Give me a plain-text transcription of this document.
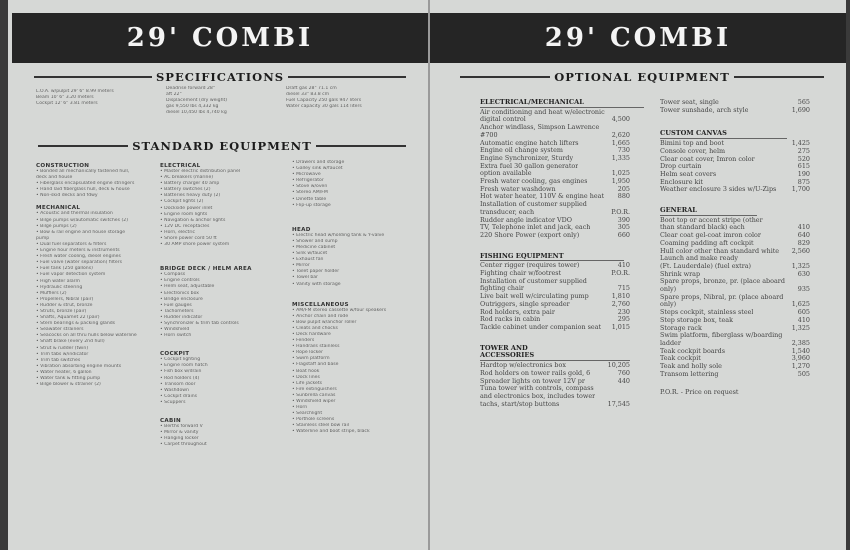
29' COMBI
SPECIFICATIONS
L.O.A. w/pulpit 29' 6" 8.99 meters
Beam 10' 6" 3.20 meters
Cockpit 12' 6" 3.81 meters
Deadrise forward 28°
aft 22°
Displacement (dry weight)
gas 9,550 lbs 4,332 kg
diesel 10,450 lbs 4,740 kg
Draft gas 28" 71.1 cm
diesel 33" 83.8 cm
Fuel Capacity 250 gals 947 liters
Water capacity 30 gals 114 liters
STANDARD EQUIPMENT
CONSTRUCTION
• Bonded all mechanically fastened hull,
deck and house
• Fiberglass encapsulated engine stringers
• Hand laid fiberglass hull, deck & house
• Non-skid decks and fdwy
MECHANICAL
• Acoustic and thermal insulation
• Bilge pumps w/automatic switches (2)
• Bilge pumps (2)
• Bow & rail engine and house storage
pump
• Dual fuel separators & filters
• Engine hour meters & instruments
• Fresh water cooling, diesel engines
• Fuel valve (water separation) filters
• Fuel tank (250 gallons)
• Fuel vapor detection system
• High water alarm
• Hydraulic steering
• Mufflers (2)
• Propellers, Nibral (pair)
• Rudder & strut, bronze
• Struts, bronze (pair)
• Shafts, Aquamet 22 (pair)
• Stern bearings & packing glands
• Seawater strainers
• Seacocks on all thru hulls below waterline
• Shaft brake (every 2nd hull)
• Strut & rudder (twin)
• Trim tabs w/indicator
• Trim tab switches
• Vibration absorbing engine mounts
• Water heater, 6 gallon
• Water tank & fitting pump
• Bilge blower & strainer (2)
ELECTRICAL
• Master electric distribution panel
• AC breakers (marine)
• Battery charger 40 amp
• Battery switches (2)
• Batteries heavy duty (2)
• Cockpit lights (2)
• Dockside power inlet
• Engine room lights
• Navigation & anchor lights
• 12V DC receptacles
• Horn, electric
• Shore power cord 50 ft
• 30 AMP shore power system
BRIDGE DECK / HELM AREA
• Compass
• Engine controls
• Helm seat, adjustable
• Electronics box
• Bridge enclosure
• Fuel gauges
• Tachometers
• Rudder indicator
• Synchronizer & trim tab controls
• Windshield
• Horn switch
COCKPIT
• Cockpit lighting
• Engine room hatch
• Fish box w/drain
• Rod holders (4)
• Transom door
• Washdown
• Cockpit drains
• Scuppers
CABIN
• Berths forward V
• Mirror & vanity
• Hanging locker
• Carpet throughout
• Drawers and storage
• Galley sink w/faucet
• Microwave
• Refrigerator
• Stove w/oven
• Stereo AM/FM
• Dinette table
• Flip-up storage
HEAD
• Electric head w/holding tank & Y-valve
• Shower and sump
• Medicine cabinet
• Sink w/faucet
• Exhaust fan
• Mirror
• Toilet paper holder
• Towel bar
• Vanity with storage
MISCELLANEOUS
• AM/FM stereo cassette w/four speakers
• Anchor chain and rode
• Bow pulpit w/anchor roller
• Cleats and chocks
• Deck hardware
• Fenders
• Handrails stainless
• Rope locker
• Swim platform
• Flagstaff and base
• Boat hook
• Dock lines
• Life jackets
• Fire extinguishers
• Sunbrella canvas
• Windshield wiper
• Horn
• Searchlight
• Porthole screens
• Stainless steel bow rail
• Waterline and boot stripe, black
29' COMBI
OPTIONAL EQUIPMENT
ELECTRICAL/MECHANICAL
Air conditioning and heat w/electronic
digital control	4,500
Anchor windlass, Simpson Lawrence
#700	2,620
Automatic engine hatch lifters	1,665
Engine oil change system	730
Engine Synchronizer, Sturdy	1,335
Extra fuel 30 gallon generator
option available	1,025
Fresh water cooling, gas engines	1,950
Fresh water washdown	205
Hot water heater, 110V & engine heat 880
Installation of customer supplied
transducer, each	P.O.R.
Rudder angle indicator VDO	390
TV, Telephone inlet and jack, each	305
220 Shore Power (export only)	660
FISHING EQUIPMENT
Center rigger (requires tower)	410
Fighting chair w/footrest	P.O.R.
Installation of customer supplied
fighting chair	715
Live bait well w/circulating pump	1,810
Outriggers, single spreader	2,760
Rod holders, extra pair	230
Rod racks in cabin	295
Tackle cabinet under companion seat 1,015
TOWER AND ACCESSORIES
Hardtop w/electronics box	10,205
Rod holders on tower rails gold, 6	760
Spreader lights on tower 12V pr	440
Tuna tower with controls, compass
and electronics box, includes tower
tachs, start/stop buttons	17,545
Tower seat, single	565
Tower sunshade, arch style	1,690
CUSTOM CANVAS
Bimini top and boot	1,425
Console cover, helm	275
Clear coat cover, Imron color	520
Drop curtain	615
Helm seat covers	190
Enclosure kit	875
Weather enclosure 3 sides w/U-Zips 1,700
GENERAL
Boot top or accent stripe (other
than standard black) each	410
Clear coat gel-coat imron color	640
Coaming padding aft cockpit	829
Hull color other than standard white 2,560
Launch and make ready
(Ft. Lauderdale) (fuel extra)	1,325
Shrink wrap	630
Spare props, bronze, pr. (place aboard
only)	935
Spare props, Nibral, pr. (place aboard
only)	1,625
Steps cockpit, stainless steel	605
Step storage box, teak	410
Storage rack	1,325
Swim platform, fiberglass w/boarding
ladder	2,385
Teak cockpit boards	1,540
Teak cockpit	3,960
Teak and holly sole	1,270
Transom lettering	505
P.O.R. - Price on request
